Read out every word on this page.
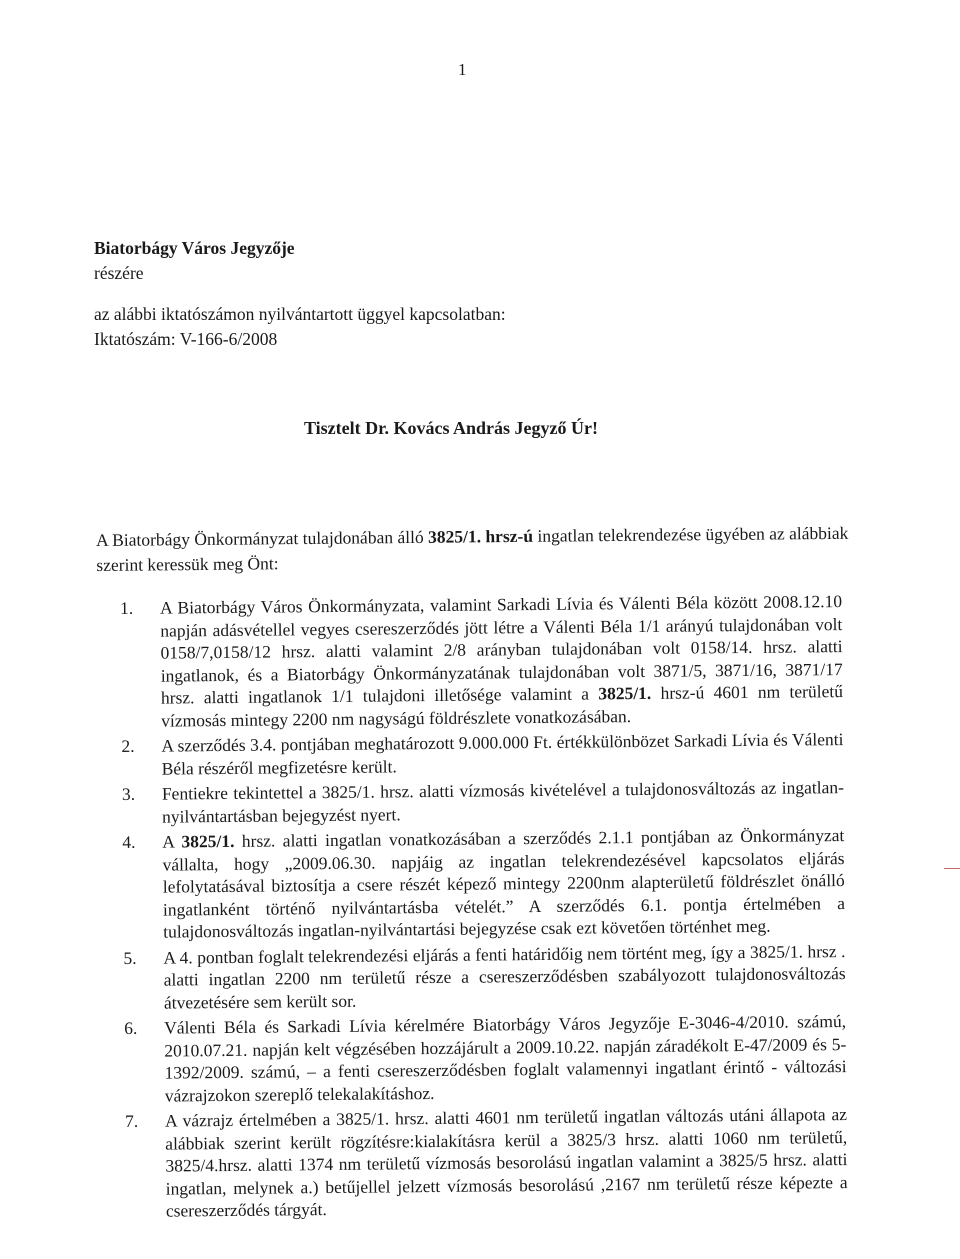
1
Biatorbágy Város Jegyzője
részére
az alábbi iktatószámon nyilvántartott üggyel kapcsolatban:
Iktatószám: V-166-6/2008
Tisztelt Dr. Kovács András Jegyző Úr!
A Biatorbágy Önkormányzat tulajdonában álló 3825/1. hrsz-ú ingatlan telekrendezése ügyében az alábbiak szerint keressük meg Önt:
1. A Biatorbágy Város Önkormányzata, valamint Sarkadi Lívia és Válenti Béla között 2008.12.10 napján adásvétellel vegyes csereszerződés jött létre a Válenti Béla 1/1 arányú tulajdonában volt 0158/7,0158/12 hrsz. alatti valamint 2/8 arányban tulajdonában volt 0158/14. hrsz. alatti ingatlanok, és a Biatorbágy Önkormányzatának tulajdonában volt 3871/5, 3871/16, 3871/17 hrsz. alatti ingatlanok 1/1 tulajdoni illetősége valamint a 3825/1. hrsz-ú 4601 nm területű vízmosás mintegy 2200 nm nagyságú földrészlete vonatkozásában.
2. A szerződés 3.4. pontjában meghatározott 9.000.000 Ft. értékkülönbözet Sarkadi Lívia és Válenti Béla részéről megfizetésre került.
3. Fentiekre tekintettel a 3825/1. hrsz. alatti vízmosás kivételével a tulajdonosváltozás az ingatlan-nyilvántartásban bejegyzést nyert.
4. A 3825/1. hrsz. alatti ingatlan vonatkozásában a szerződés 2.1.1 pontjában az Önkormányzat vállalta, hogy „2009.06.30. napjáig az ingatlan telekrendezésével kapcsolatos eljárás lefolytatásával biztosítja a csere részét képező mintegy 2200nm alapterületű földrészlet önálló ingatlanként történő nyilvántartásba vételét.” A szerződés 6.1. pontja értelmében a tulajdonosváltozás ingatlan-nyilvántartási bejegyzése csak ezt követően történhet meg.
5. A 4. pontban foglalt telekrendezési eljárás a fenti határidőig nem történt meg, így a 3825/1. hrsz . alatti ingatlan 2200 nm területű része a csereszerződésben szabályozott tulajdonosváltozás átvezetésére sem került sor.
6. Válenti Béla és Sarkadi Lívia kérelmére Biatorbágy Város Jegyzője E-3046-4/2010. számú, 2010.07.21. napján kelt végzésében hozzájárult a 2009.10.22. napján záradékolt E-47/2009 és 5-1392/2009. számú, – a fenti csereszerződésben foglalt valamennyi ingatlant érintő - változási vázrajzokon szereplő telekalakításhoz.
7. A vázrajz értelmében a 3825/1. hrsz. alatti 4601 nm területű ingatlan változás utáni állapota az alábbiak szerint került rögzítésre:kialakításra kerül a 3825/3 hrsz. alatti 1060 nm területű, 3825/4.hrsz. alatti 1374 nm területű vízmosás besorolású ingatlan valamint a 3825/5 hrsz. alatti ingatlan, melynek a.) betűjellel jelzett vízmosás besorolású ,2167 nm területű része képezte a csereszerződés tárgyát.
